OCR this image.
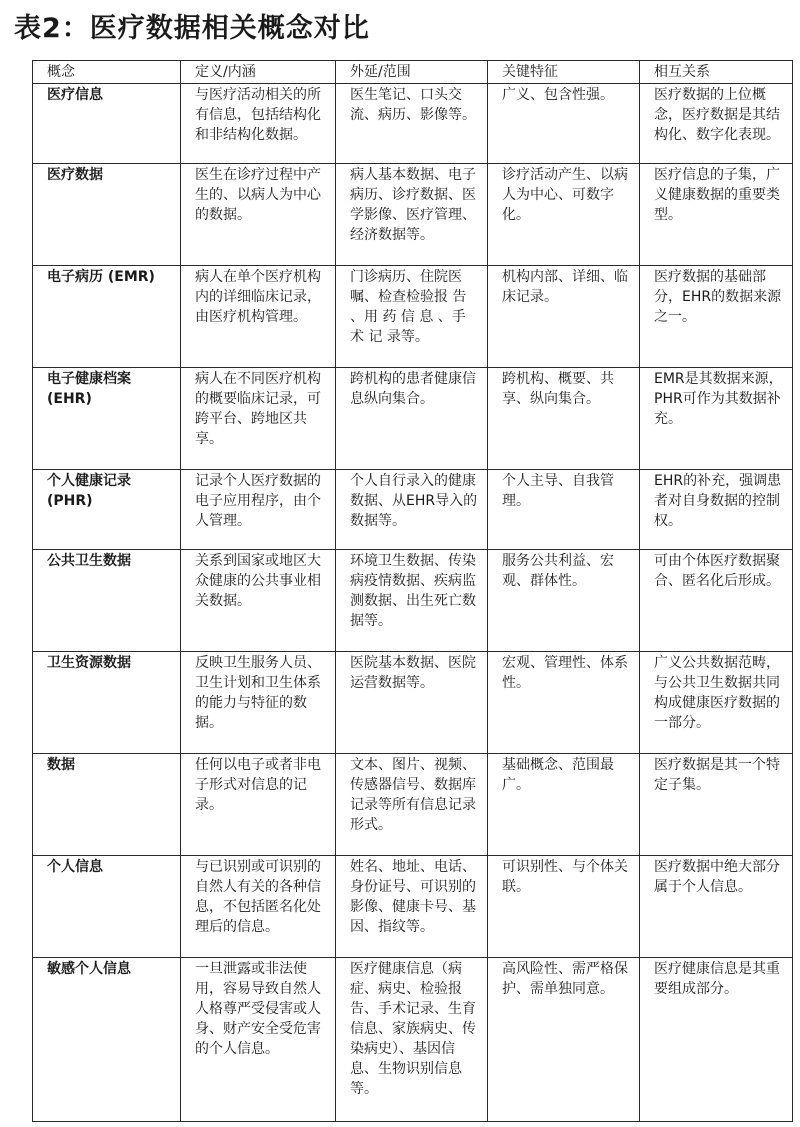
表2：医疗数据相关概念对比
概念	定义/内涵	外延/范围	关键特征	相互关系
医疗信息	与医疗活动相关的所有信息，包括结构化和非结构化数据。	医生笔记、口头交流、病历、影像等。	广义、包含性强。	医疗数据的上位概念，医疗数据是其结构化、数字化表现。
医疗数据	医生在诊疗过程中产生的、以病人为中心的数据。	病人基本数据、电子病历、诊疗数据、医学影像、医疗管理、经济数据等。	诊疗活动产生、以病人为中心、可数字化。	医疗信息的子集，广义健康数据的重要类型。
电子病历 (EMR)	病人在单个医疗机构内的详细临床记录，由医疗机构管理。	门诊病历、住院医嘱、检查检验报 告 、用 药 信 息 、手 术 记 录等。	机构内部、详细、临床记录。	医疗数据的基础部分，EHR的数据来源之一。
电子健康档案 (EHR)	病人在不同医疗机构的概要临床记录，可跨平台、跨地区共享。	跨机构的患者健康信息纵向集合。	跨机构、概要、共享、纵向集合。	EMR是其数据来源，PHR可作为其数据补充。
个人健康记录 (PHR)	记录个人医疗数据的电子应用程序，由个人管理。	个人自行录入的健康数据、从EHR导入的数据等。	个人主导、自我管理。	EHR的补充，强调患者对自身数据的控制权。
公共卫生数据	关系到国家或地区大众健康的公共事业相关数据。	环境卫生数据、传染病疫情数据、疾病监测数据、出生死亡数据等。	服务公共利益、宏观、群体性。	可由个体医疗数据聚合、匿名化后形成。
卫生资源数据	反映卫生服务人员、卫生计划和卫生体系的能力与特征的数据。	医院基本数据、医院运营数据等。	宏观、管理性、体系性。	广义公共数据范畴，与公共卫生数据共同构成健康医疗数据的一部分。
数据	任何以电子或者非电子形式对信息的记录。	文本、图片、视频、传感器信号、数据库记录等所有信息记录形式。	基础概念、范围最广。	医疗数据是其一个特定子集。
个人信息	与已识别或可识别的自然人有关的各种信息，不包括匿名化处理后的信息。	姓名、地址、电话、身份证号、可识别的影像、健康卡号、基因、指纹等。	可识别性、与个体关联。	医疗数据中绝大部分属于个人信息。
敏感个人信息	一旦泄露或非法使用，容易导致自然人人格尊严受侵害或人身、财产安全受危害的个人信息。	医疗健康信息（病症、病史、检验报告、手术记录、生育信息、家族病史、传染病史）、基因信息、生物识别信息等。	高风险性、需严格保护、需单独同意。	医疗健康信息是其重要组成部分。
